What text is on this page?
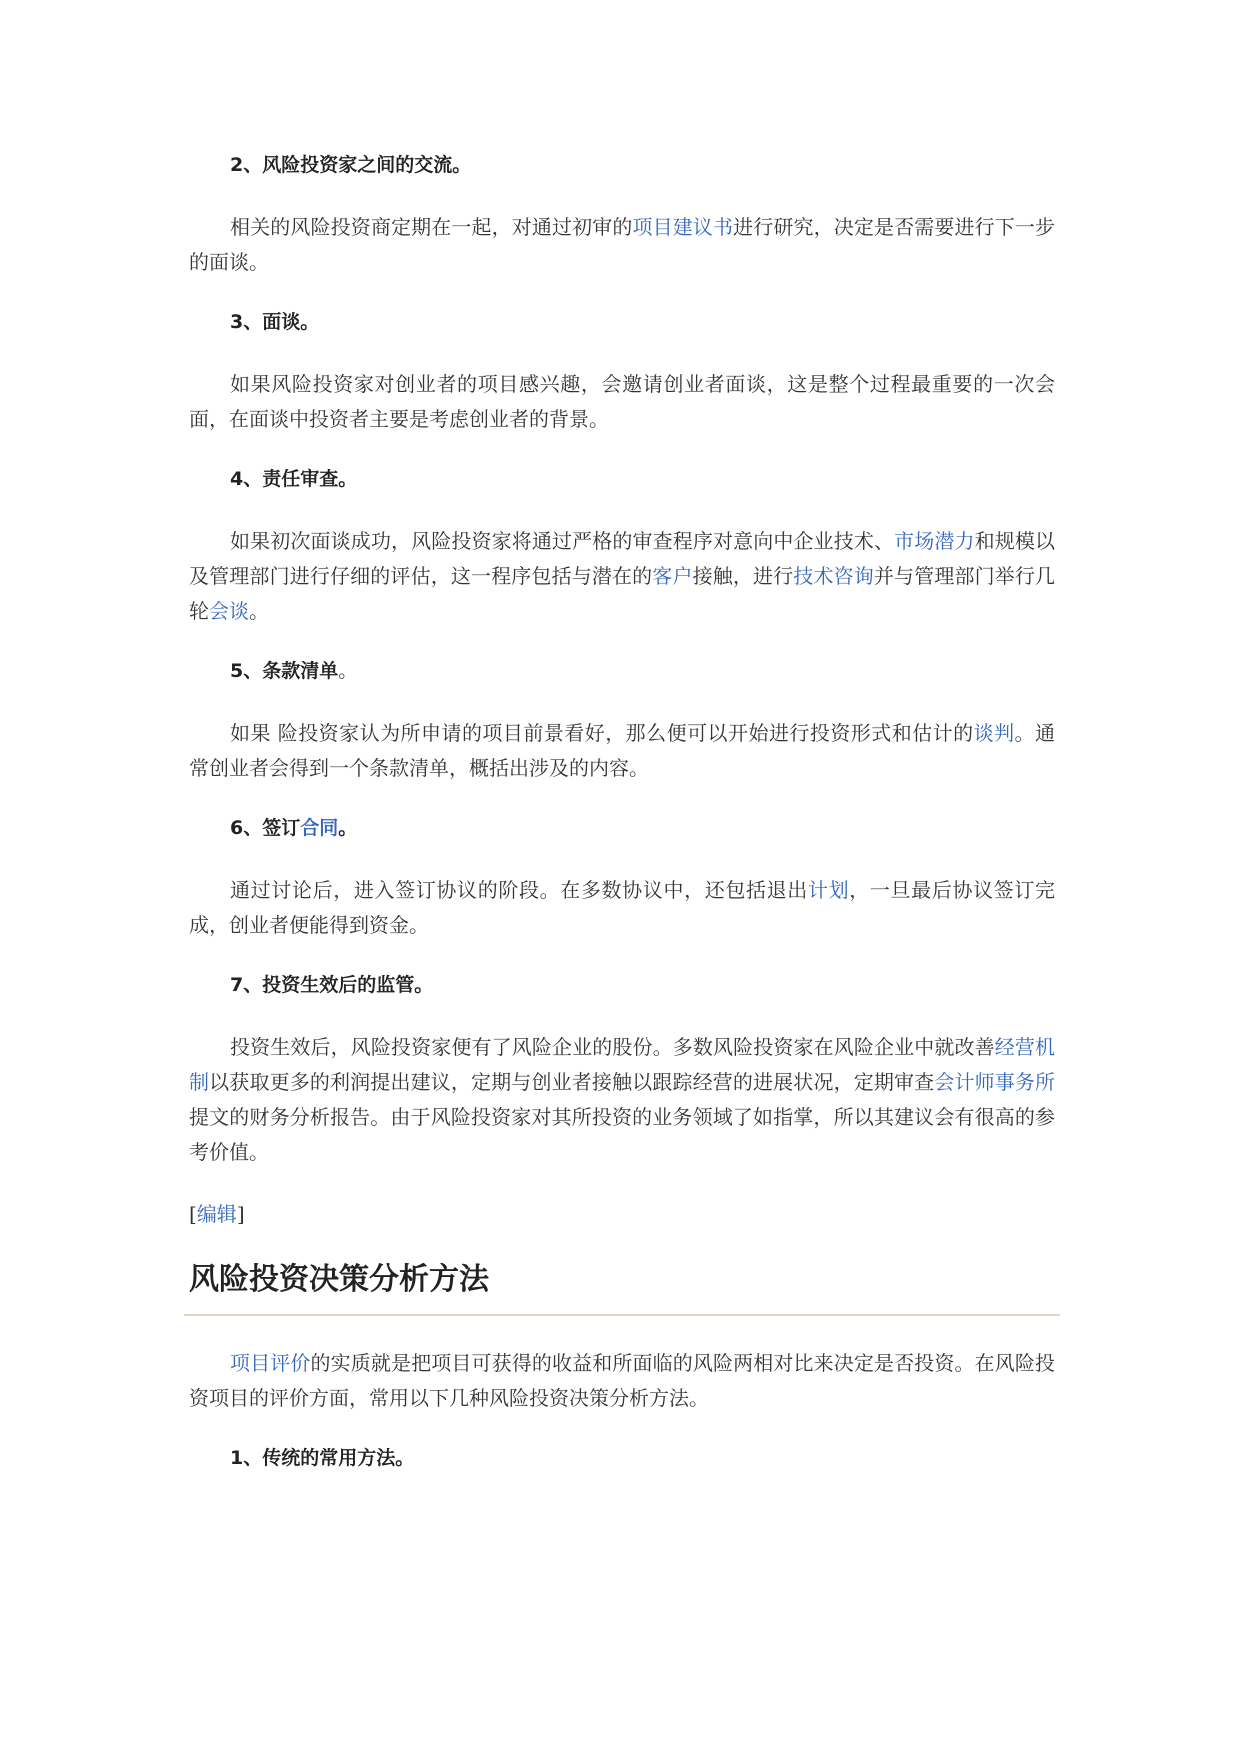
2、风险投资家之间的交流。
相关的风险投资商定期在一起，对通过初审的项目建议书进行研究，决定是否需要进行下一步的面谈。
3、面谈。
如果风险投资家对创业者的项目感兴趣，会邀请创业者面谈，这是整个过程最重要的一次会面，在面谈中投资者主要是考虑创业者的背景。
4、责任审查。
如果初次面谈成功，风险投资家将通过严格的审查程序对意向中企业技术、市场潜力和规模以及管理部门进行仔细的评估，这一程序包括与潜在的客户接触，进行技术咨询并与管理部门举行几轮会谈。
5、条款清单。
如果 险投资家认为所申请的项目前景看好，那么便可以开始进行投资形式和估计的谈判。通常创业者会得到一个条款清单，概括出涉及的内容。
6、签订合同。
通过讨论后，进入签订协议的阶段。在多数协议中，还包括退出计划，一旦最后协议签订完成，创业者便能得到资金。
7、投资生效后的监管。
投资生效后，风险投资家便有了风险企业的股份。多数风险投资家在风险企业中就改善经营机制以获取更多的利润提出建议，定期与创业者接触以跟踪经营的进展状况，定期审查会计师事务所提文的财务分析报告。由于风险投资家对其所投资的业务领域了如指掌，所以其建议会有很高的参考价值。
[编辑]
风险投资决策分析方法
项目评价的实质就是把项目可获得的收益和所面临的风险两相对比来决定是否投资。在风险投资项目的评价方面，常用以下几种风险投资决策分析方法。
1、传统的常用方法。
